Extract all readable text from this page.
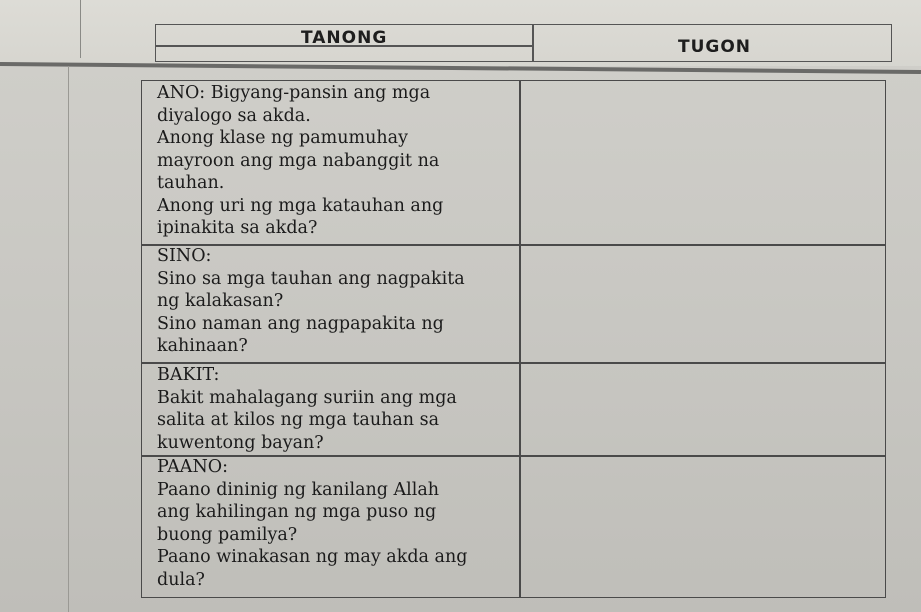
TANONG	TUGON
ANO: Bigyang-pansin ang mga
diyalogo sa akda.
Anong klase ng pamumuhay
mayroon ang mga nabanggit na
tauhan.
Anong uri ng mga katauhan ang
ipinakita sa akda?
SINO:
Sino sa mga tauhan ang nagpakita
ng kalakasan?
Sino naman ang nagpapakita ng
kahinaan?
BAKIT:
Bakit mahalagang suriin ang mga
salita at kilos ng mga tauhan sa
kuwentong bayan?
PAANO:
Paano dininig ng kanilang Allah
ang kahilingan ng mga puso ng
buong pamilya?
Paano winakasan ng may akda ang
dula?
